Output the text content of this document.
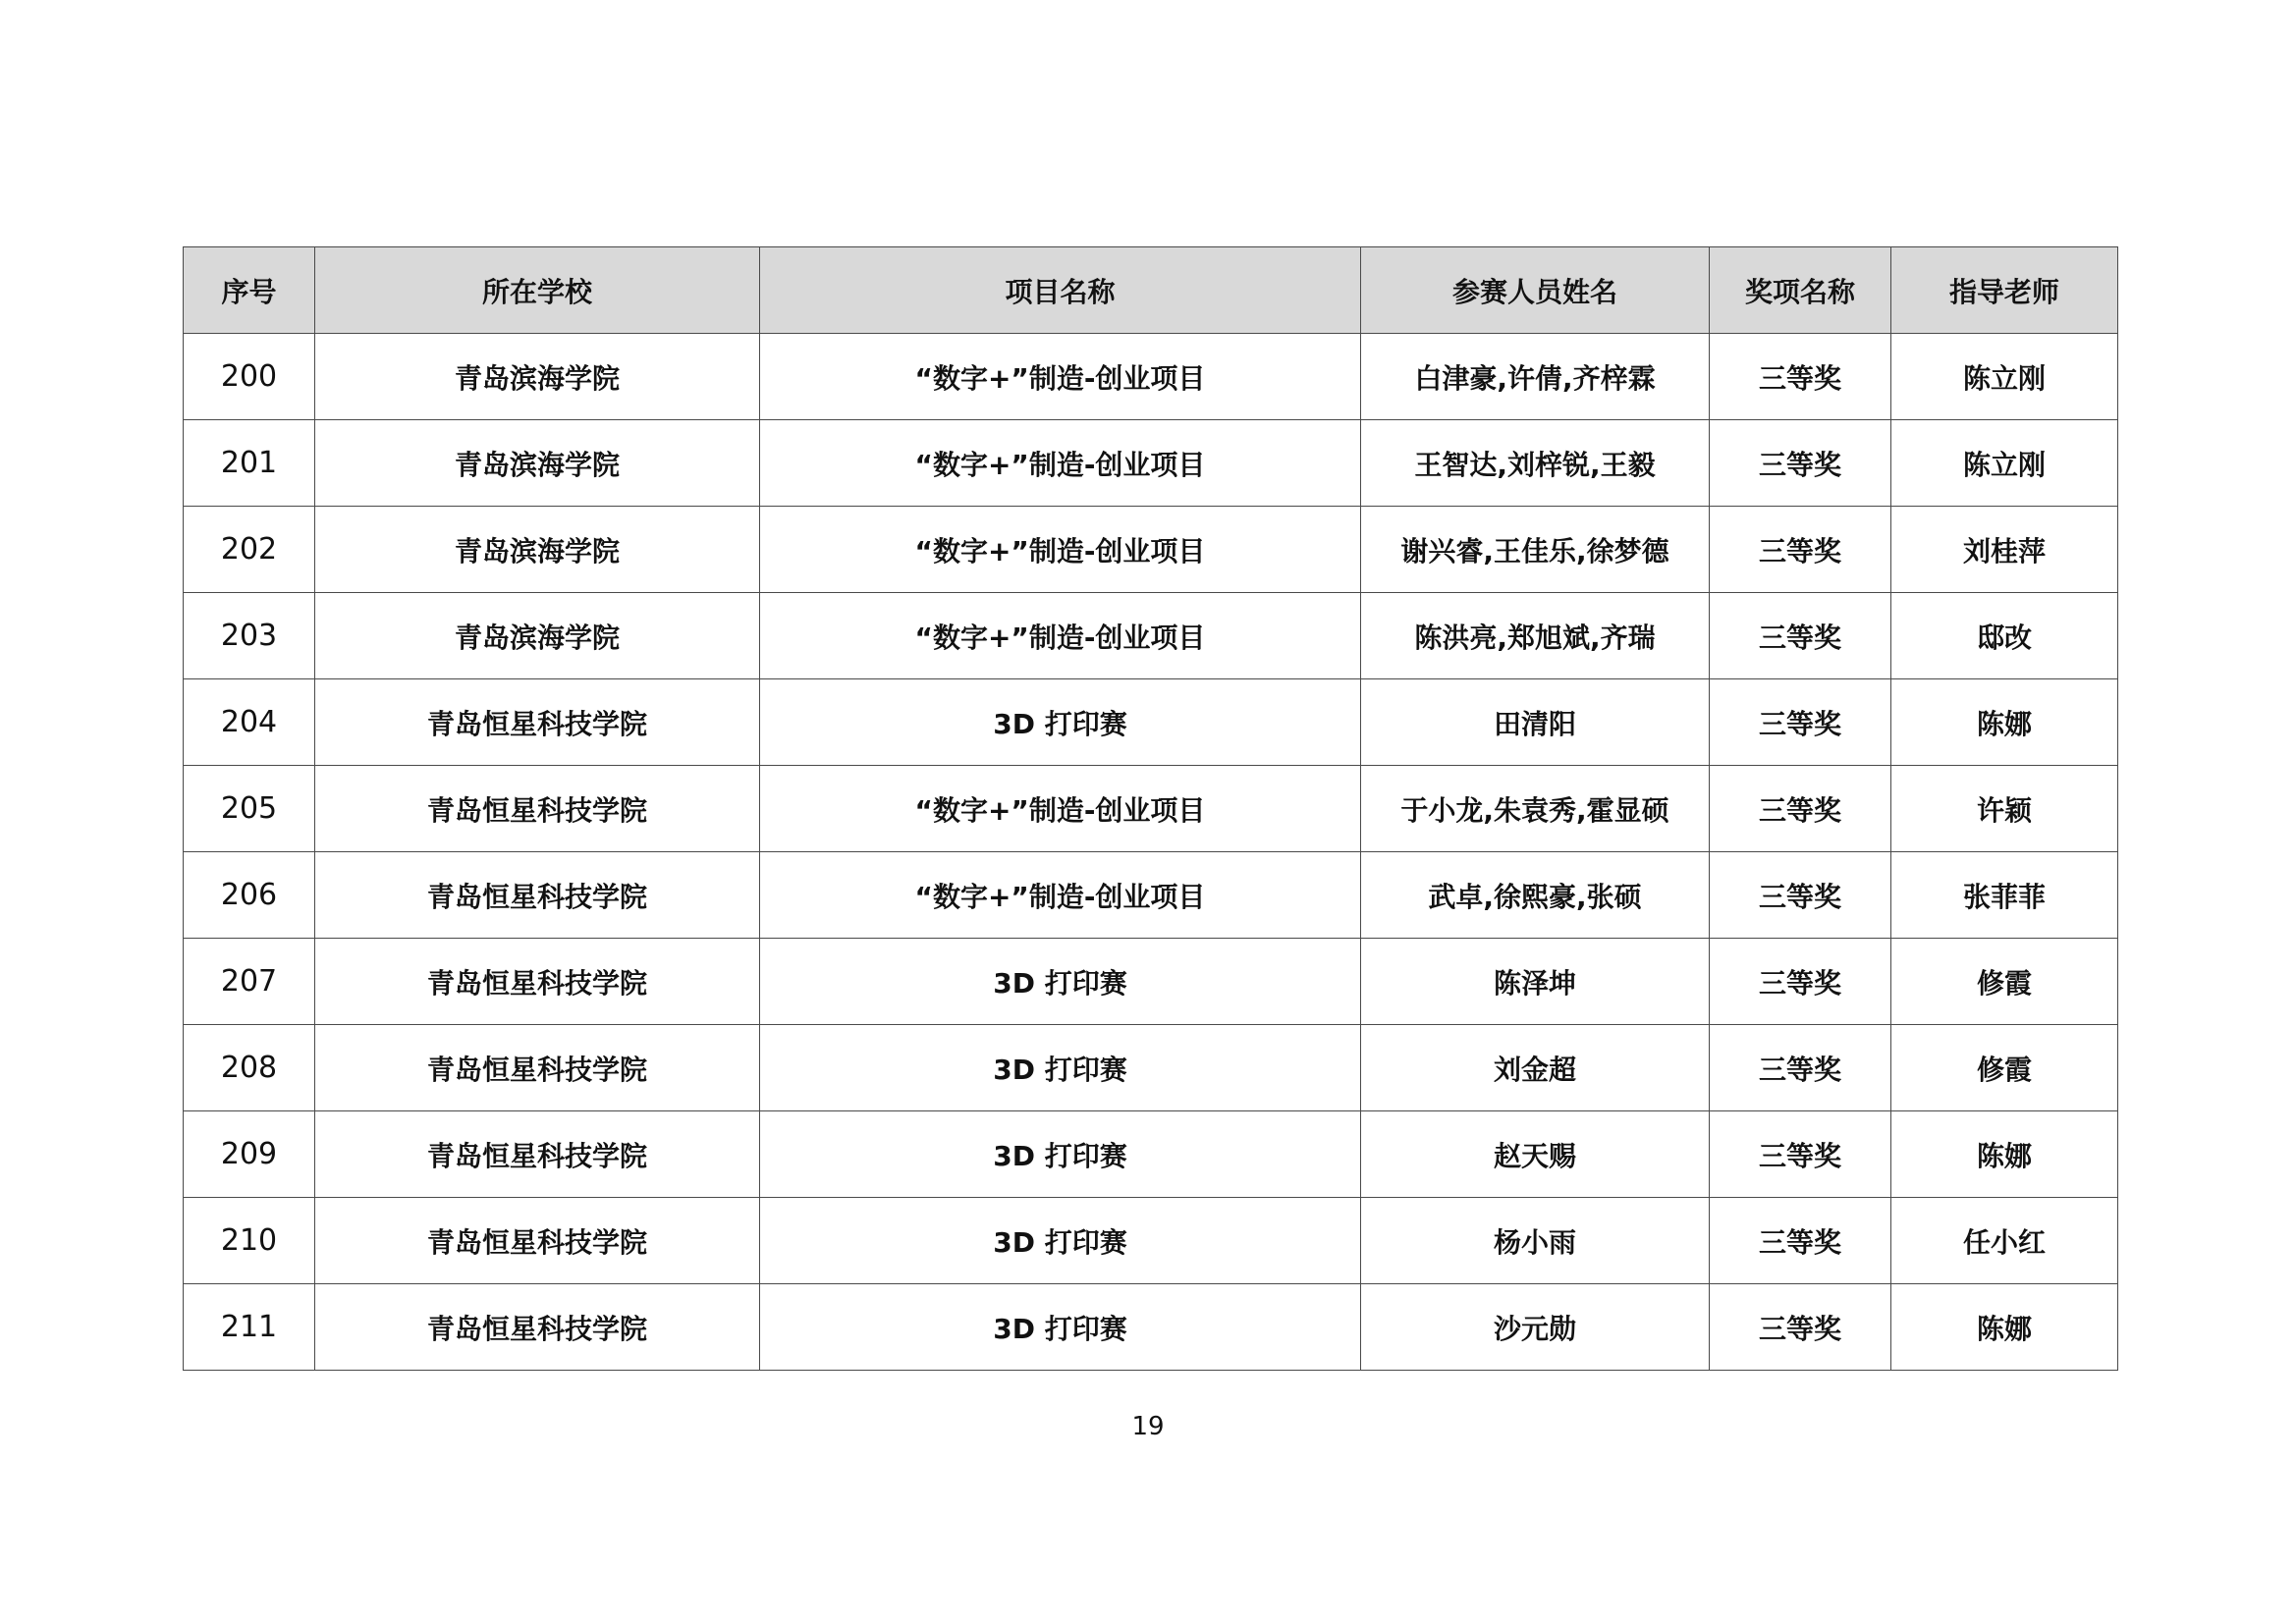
序号	所在学校	项目名称	参赛人员姓名	奖项名称	指导老师
200	青岛滨海学院	“数字+”制造-创业项目	白津豪,许倩,齐梓霖	三等奖	陈立刚
201	青岛滨海学院	“数字+”制造-创业项目	王智达,刘梓锐,王毅	三等奖	陈立刚
202	青岛滨海学院	“数字+”制造-创业项目	谢兴睿,王佳乐,徐梦德	三等奖	刘桂萍
203	青岛滨海学院	“数字+”制造-创业项目	陈洪亮,郑旭斌,齐瑞	三等奖	邸改
204	青岛恒星科技学院	3D 打印赛	田清阳	三等奖	陈娜
205	青岛恒星科技学院	“数字+”制造-创业项目	于小龙,朱袁秀,霍显硕	三等奖	许颖
206	青岛恒星科技学院	“数字+”制造-创业项目	武卓,徐熙豪,张硕	三等奖	张菲菲
207	青岛恒星科技学院	3D 打印赛	陈泽坤	三等奖	修霞
208	青岛恒星科技学院	3D 打印赛	刘金超	三等奖	修霞
209	青岛恒星科技学院	3D 打印赛	赵天赐	三等奖	陈娜
210	青岛恒星科技学院	3D 打印赛	杨小雨	三等奖	任小红
211	青岛恒星科技学院	3D 打印赛	沙元勋	三等奖	陈娜
19
